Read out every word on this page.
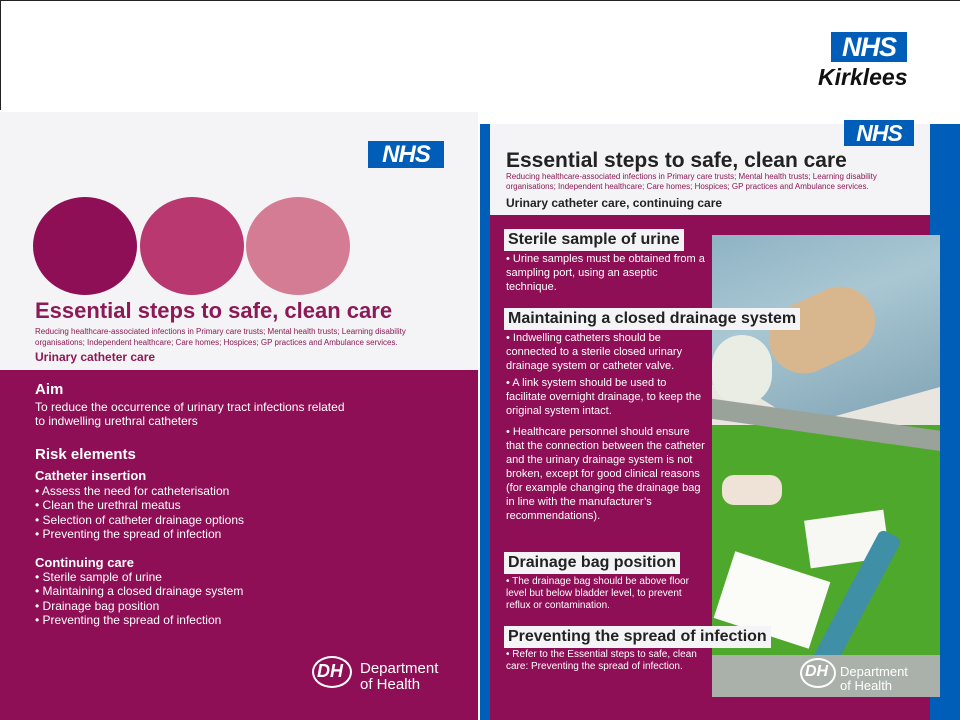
NHS
Kirklees
NHS
Essential steps to safe, clean care
Reducing healthcare-associated infections in Primary care trusts; Mental health trusts; Learning disability organisations; Independent healthcare; Care homes; Hospices; GP practices and Ambulance services.
Urinary catheter care
Aim
To reduce the occurrence of urinary tract infections related
to indwelling urethral catheters
Risk elements
Catheter insertion
• Assess the need for catheterisation
• Clean the urethral meatus
• Selection of catheter drainage options
• Preventing the spread of infection
Continuing care
• Sterile sample of urine
• Maintaining a closed drainage system
• Drainage bag position
• Preventing the spread of infection
DH Department
of Health
NHS
Essential steps to safe, clean care
Reducing healthcare-associated infections in Primary care trusts; Mental health trusts; Learning disability organisations; Independent healthcare; Care homes; Hospices; GP practices and Ambulance services.
Urinary catheter care, continuing care
Sterile sample of urine
• Urine samples must be obtained from a sampling port, using an aseptic technique.
Maintaining a closed drainage system
• Indwelling catheters should be connected to a sterile closed urinary drainage system or catheter valve.
• A link system should be used to facilitate overnight drainage, to keep the original system intact.
• Healthcare personnel should ensure that the connection between the catheter and the urinary drainage system is not broken, except for good clinical reasons (for example changing the drainage bag in line with the manufacturer’s recommendations).
Drainage bag position
• The drainage bag should be above floor level but below bladder level, to prevent reflux or contamination.
Preventing the spread of infection
• Refer to the Essential steps to safe, clean care: Preventing the spread of infection.	DH Department
of Health
